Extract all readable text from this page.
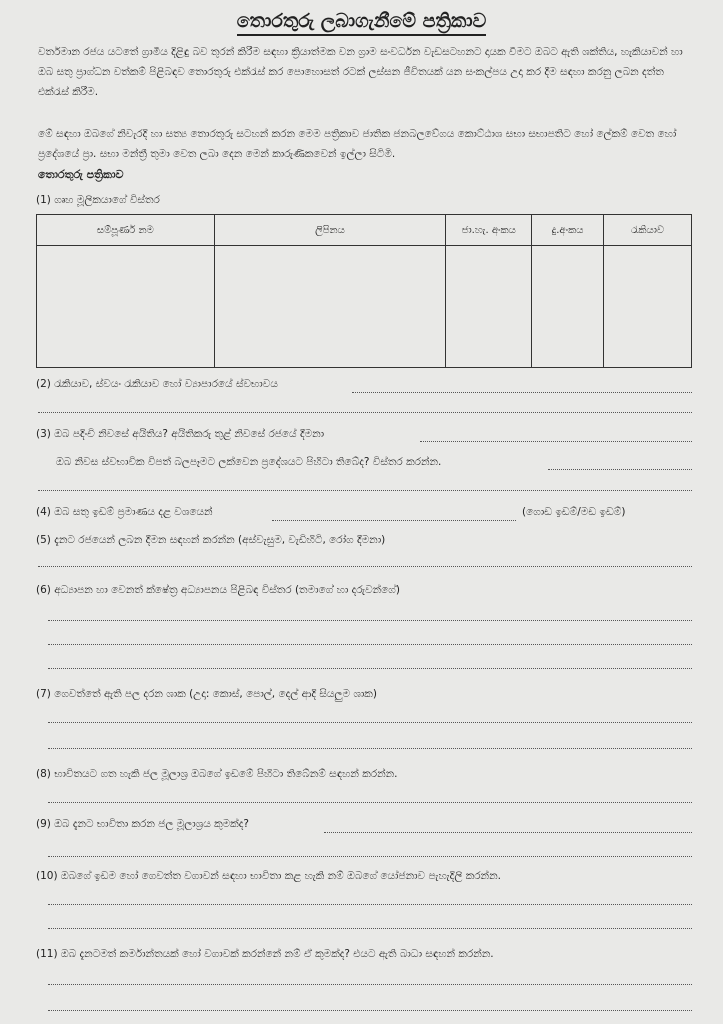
තොරතුරු ලබාගැනීමේ පත්‍රිකාව
වර්තමාන රජය යටතේ ග්‍රාමීය දිළිඳු බව තුරන් කිරීම සඳහා ක්‍රියාත්මක වන ග්‍රාම සංවර්ධන වැඩසටහනට දායක වීමට ඔබට ඇති ශක්තිය, හැකියාවන් හා ඔබ සතු ප්‍රාග්ධන වත්කම් පිළිබඳව තොරතුරු එක්රැස් කර පොහොසත් රටක් ලස්සන ජීවිතයක් යන සංකල්පය උදා කර දීම සඳහා කරනු ලබන දත්ත එක්රැස් කිරීම.
මේ සඳහා ඔබගේ නිවැරදි හා සත්‍ය තොරතුරු සටහන් කරන මෙම පත්‍රිකාව ජාතික ජනබලවේගය කොට්ඨාශ සභා සභාපතිට හෝ ලේකම් වෙත හෝ ප්‍රදේශයේ ප්‍රා. සභා මන්ත්‍රී තුමා වෙත ලබා දෙන මෙන් කාරුණිකවෙන් ඉල්ලා සිටිමි.
තොරතුරු පත්‍රිකාව
(1) ගෘහ මූලිකයාගේ විස්තර
සම්පූර්ණ නම	ලිපිනය	ජා.හැ. අංකය	දු.අංකය	රැකියාව

(2) රැකියාව, ස්වයං රැකියාව හෝ ව්‍යාපාරයේ ස්වභාවය
(3) ඔබ පදිංචි නිවසේ අයිතිය? අයිතිකරු තුළ් නිවසේ රජයේ දීමනා
ඔබ නිවස ස්වභාවික විපත් බලපෑමට ලක්වෙන ප්‍රදේශයට පිහිටා තිබේද? විස්තර කරන්න.
(4) ඔබ සතු ඉඩම් ප්‍රමාණය දළ වශයෙන්	(ගොඩ ඉඩම්/මඩ ඉඩම්)
(5) දැනට රජයෙන් ලබන දීමන සඳහන් කරන්න (අස්වැසුම, වැඩිහිටි, රෝග දීමනා)
(6) අධ්‍යාපන හා වෙනත් ක්ෂේත්‍ර අධ්‍යාපනය පිළිබඳ විස්තර (තමාගේ හා දරුවන්ගේ)
(7) ගෙවත්තේ ඇති පල දරන ශාක (උදා: කොස්, පොල්, දෙල් ආදි සියලුම ශාක)
(8) භාවිතයට ගත හැකි ජල මූලාශ්‍ර ඔබගේ ඉඩමේ පිහිටා තිබේනම් සඳහන් කරන්න.
(9) ඔබ දැනට භාවිතා කරන ජල මූලාශ්‍රය කුමක්ද?
(10) ඔබගේ ඉඩම හෝ ගෙවත්ත වගාවන් සඳහා භාවිතා කළ හැකි නම් ඔබගේ යෝජනාව පැහැදිලි කරන්න.
(11) ඔබ දැනටමත් කර්මාන්තයක් හෝ වගාවක් කරන්නේ නම් ඒ කුමක්ද? එයට ඇති බාධා සඳහන් කරන්න.
